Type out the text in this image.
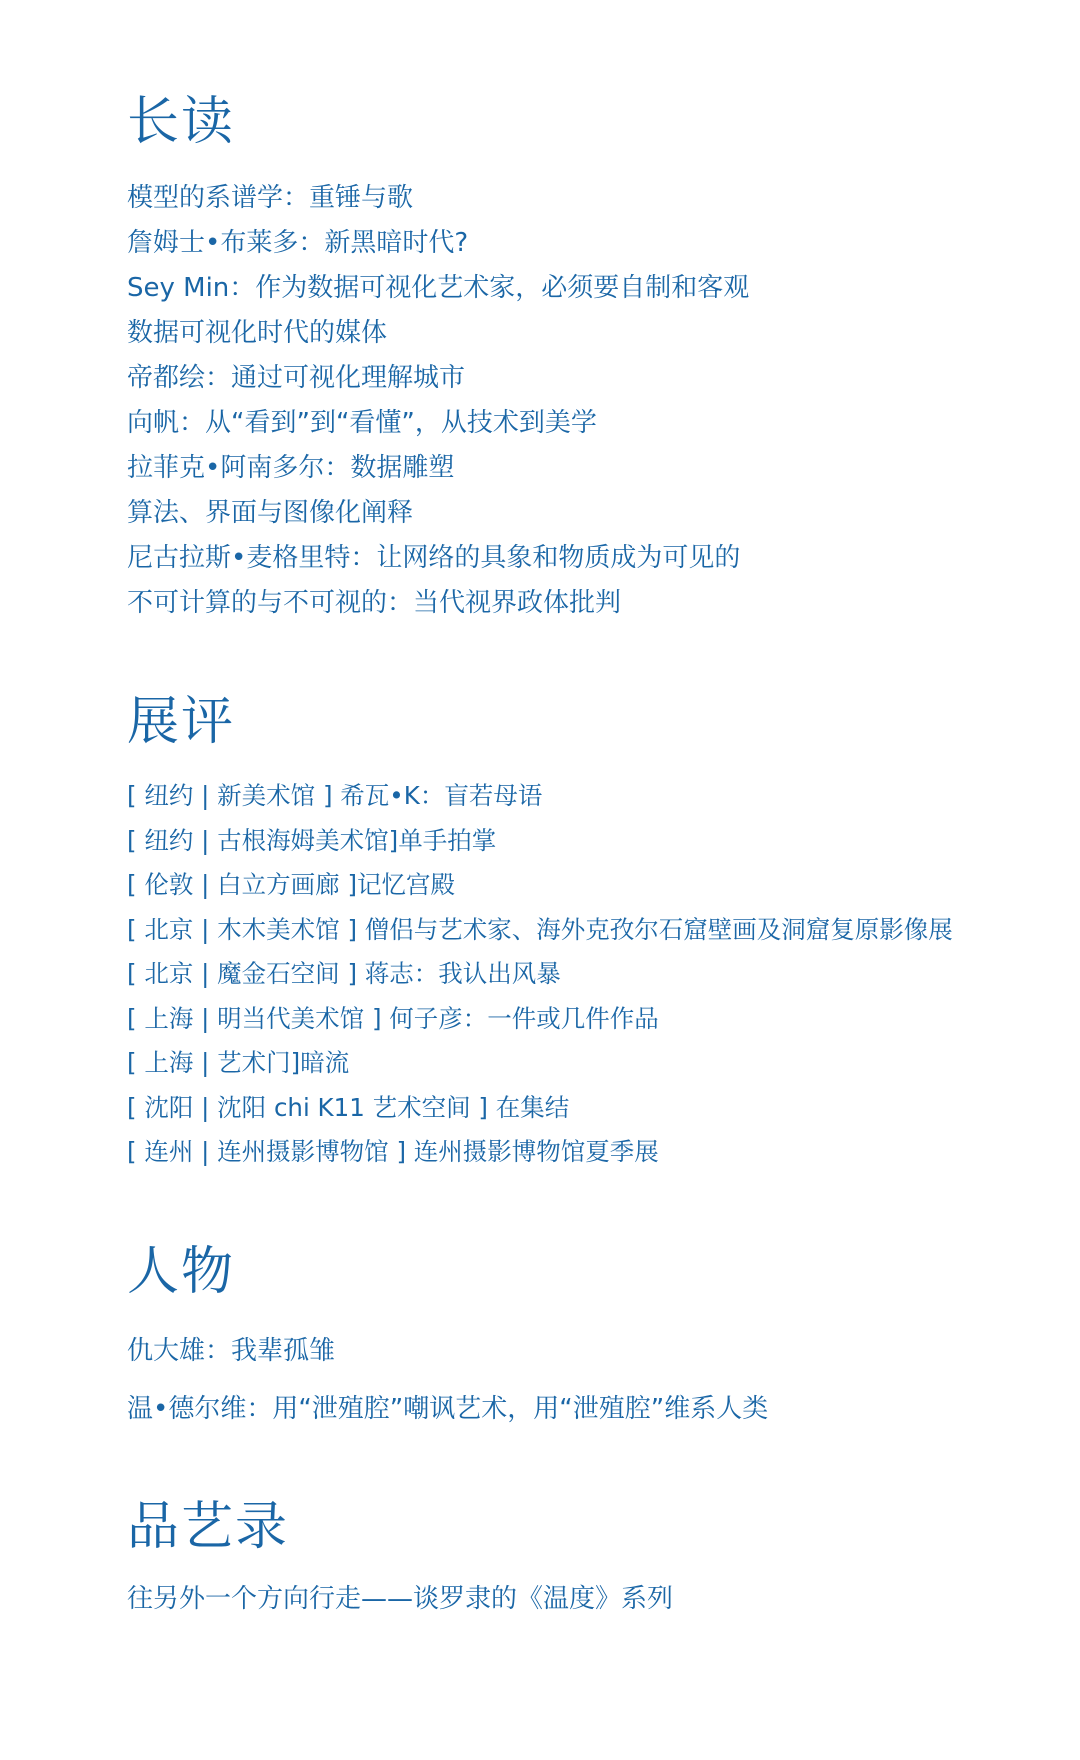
长读
模型的系谱学：重锤与歌
詹姆士•布莱多：新黑暗时代?
Sey Min：作为数据可视化艺术家，必须要自制和客观
数据可视化时代的媒体
帝都绘：通过可视化理解城市
向帆：从“看到”到“看懂”，从技术到美学
拉菲克•阿南多尔：数据雕塑
算法、界面与图像化阐释
尼古拉斯•麦格里特：让网络的具象和物质成为可见的
不可计算的与不可视的：当代视界政体批判
展评
[ 纽约 | 新美术馆 ] 希瓦•K：盲若母语
[ 纽约 | 古根海姆美术馆]单手拍掌
[ 伦敦 | 白立方画廊 ]记忆宫殿
[ 北京 | 木木美术馆 ] 僧侣与艺术家、海外克孜尔石窟壁画及洞窟复原影像展
[ 北京 | 魔金石空间 ] 蒋志：我认出风暴
[ 上海 | 明当代美术馆 ] 何子彦：一件或几件作品
[ 上海 | 艺术门]暗流
[ 沈阳 | 沈阳 chi K11 艺术空间 ] 在集结
[ 连州 | 连州摄影博物馆 ] 连州摄影博物馆夏季展
人物
仇大雄：我辈孤雏
温•德尔维：用“泄殖腔”嘲讽艺术，用“泄殖腔”维系人类
品艺录
往另外一个方向行走——谈罗隶的《温度》系列
